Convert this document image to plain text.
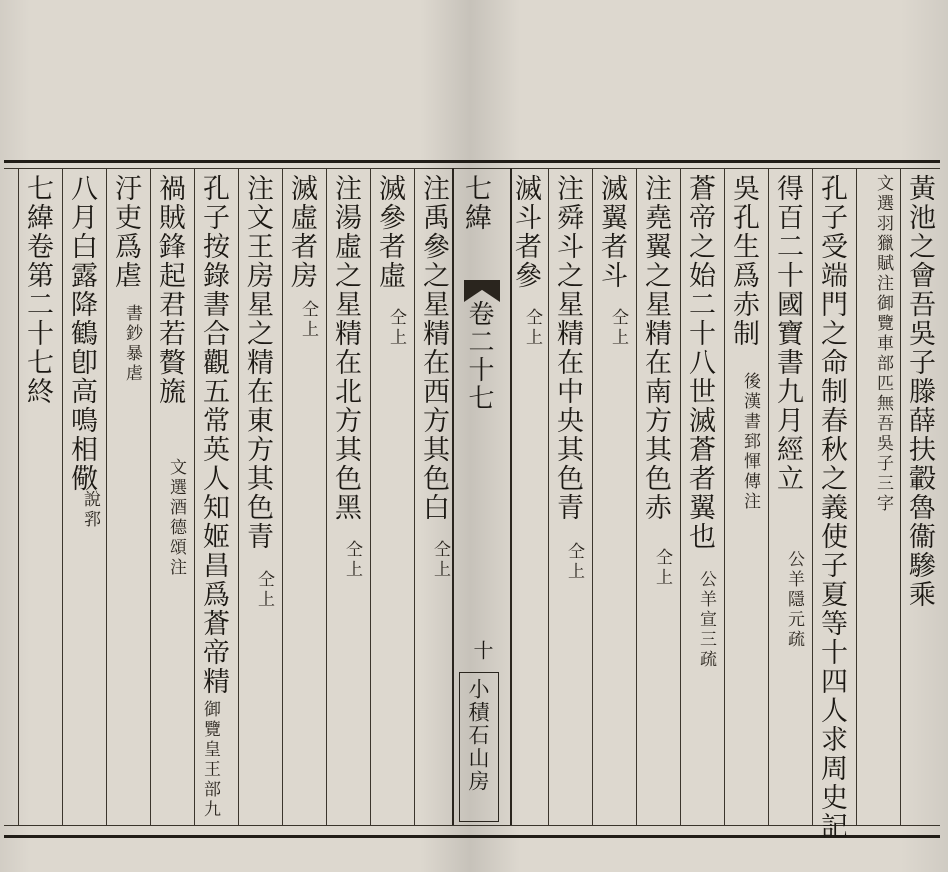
七緯
卷二十七
十
小積石山房
黃池之會吾吳子滕薛扶轂魯衞驂乘
文選羽獵賦注御覽車部匹無吾吳子三字
孔子受端門之命制春秋之義使子夏等十四人求周史記
得百二十國寶書九月經立
公羊隱元疏
吳孔生爲赤制
後漢書郅惲傳注
蒼帝之始二十八世滅蒼者翼也
公羊宣三疏
注堯翼之星精在南方其色赤
仝上
滅翼者斗
仝上
注舜斗之星精在中央其色青
仝上
滅斗者參
仝上
注禹參之星精在西方其色白
仝上
滅參者虛
仝上
注湯虛之星精在北方其色黑
仝上
滅虛者房
仝上
注文王房星之精在東方其色青
仝上
孔子按錄書合觀五常英人知姬昌爲蒼帝精
御覽皇王部九
禍賊鋒起君若贅旒
文選酒德頌注
汙吏爲虐
書鈔暴虐
八月白露降鶴卽高鳴相儆
說郛
七緯卷第二十七終
